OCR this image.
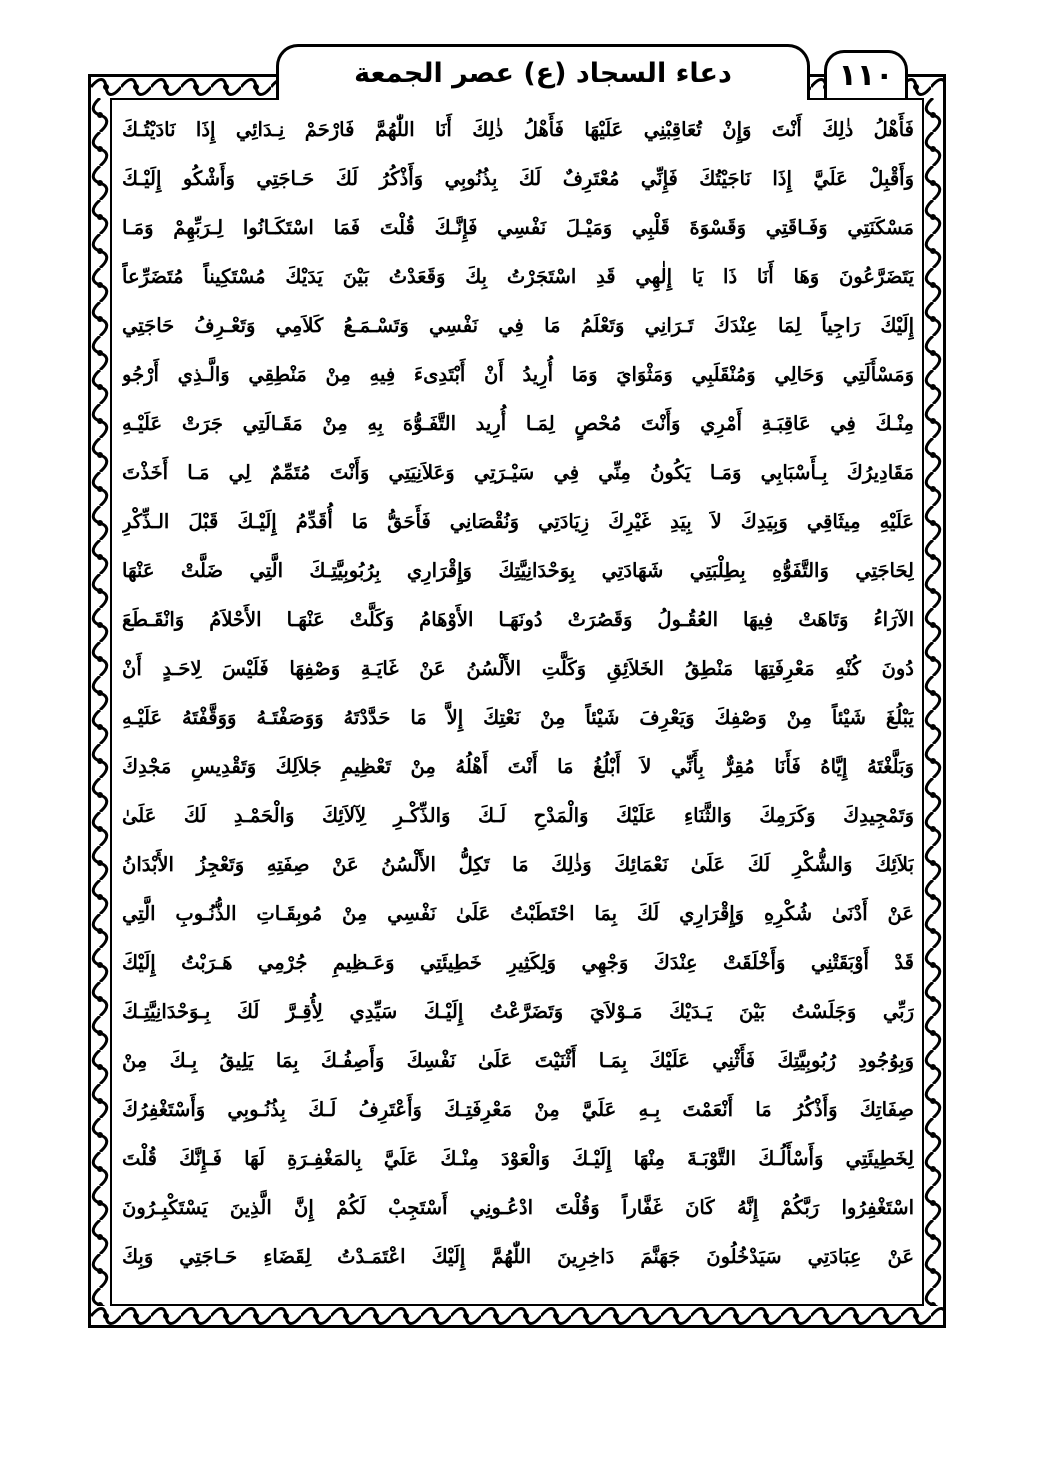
دعاء السجاد (ع) عصر الجمعة	١١٠
فَأَهْلُ ذٰلِكَ أَنْتَ وَإِنْ تُعَاقِبْنِي عَلَيْهَا فَأَهْلُ ذٰلِكَ أَنَا اللّٰهُمَّ فَارْحَمْ نِـدَائِي إِذَا نَادَيْتُـكَ
وَأَقْبِلْ عَلَيَّ إِذَا نَاجَيْتُكَ فَإِنِّي مُعْتَرِفٌ لَكَ بِذُنُوبِي وَأَذْكُرُ لَكَ حَـاجَتِي وَأَشْكُو إِلَيْـكَ
مَسْكَنَتِي وَفَـاقَتِي وَقَسْوَةَ قَلْبِي وَمَيْـلَ نَفْسِي فَإِنَّـكَ قُلْتَ فَمَا اسْتَكَـانُوا لِـرَبِّهِمْ وَمَـا
يَتَضَرَّعُونَ وَهَا أَنَا ذَا يَا إِلٰهِي قَدِ اسْتَجَرْتُ بِكَ وَقَعَدْتُ بَيْنَ يَدَيْكَ مُسْتَكِيناً مُتَضَرِّعاً
إِلَيْكَ رَاجِياً لِمَا عِنْدَكَ تَـرَانِي وَتَعْلَمُ مَا فِي نَفْسِي وَتَسْـمَـعُ كَلاَمِي وَتَعْـرِفُ حَاجَتِي
وَمَسْأَلَتِي وَحَالِي وَمُنْقَلَبِي وَمَثْوَايَ وَمَا أُرِيدُ أَنْ أَبْتَدِىءَ فِيهِ مِنْ مَنْطِقِي وَالَّـذِي أَرْجُو
مِنْـكَ فِي عَاقِبَـةِ أَمْرِي وَأَنْتَ مُحْصٍ لِمَـا أُرِيد التَّفَـوُّهَ بِهِ مِنْ مَقَـالَتِي جَرَتْ عَلَيْـهِ
مَقَادِيرُكَ بِـأَسْبَابِي وَمَـا يَكُونُ مِنِّي فِي سَيْـرَتِي وَعَلاَنِيَتِي وَأَنْتَ مُتَمِّمٌ لِي مَـا أَخَذْتَ
عَلَيْهِ مِيثَاقِي وَبِيَدِكَ لاَ بِيَدِ غَيْرِكَ زِيَادَتِي وَنُقْصَانِي فَأَحَقُّ مَا أُقَدِّمُ إِلَيْـكَ قَبْلَ الـذِّكْرِ
لِحَاجَتِي وَالتَّفَوُّهِ بِطِلْبَتِي شَهَادَتِي بِوَحْدَانِيَّتِكَ وَإِقْرَارِي بِرُبُوبِيَّتِـكَ الَّتِي ضَلَّتْ عَنْهَا
الآرَاءُ وَتَاهَتْ فِيهَا العُقُـولُ وَقَصُرَتْ دُونَهَـا الأَوْهَامُ وَكَلَّتْ عَنْهَـا الأَحْلاَمُ وَانْقَـطَعَ
دُونَ كُنْهِ مَعْرِفَتِهَا مَنْطِقُ الخَلاَئِقِ وَكَلَّتِ الأَلْسُنُ عَنْ غَايَـةِ وَصْفِهَا فَلَيْسَ لِاحَـدٍ أَنْ
يَبْلُغَ شَيْئاً مِنْ وَصْفِكَ وَيَعْرِفَ شَيْئاً مِنْ نَعْتِكَ إِلاَّ مَا حَدَّدْتَهُ وَوَصَفْتَـهُ وَوَقَّفْتَهُ عَلَيْـهِ
وَبَلَّغْتَهُ إِيَّاهُ فَأَنَا مُقِرٌّ بِأَنِّي لاَ أَبْلُغُ مَا أَنْتَ أَهْلُهُ مِنْ تَعْظِيمِ جَلاَلِكَ وَتَقْدِيسِ مَجْدِكَ
وَتَمْجِيدِكَ وَكَرَمِكَ وَالثَّنَاءِ عَلَيْكَ وَالْمَدْحِ لَـكَ وَالذِّكْـرِ لِآلاَئِكَ وَالْحَمْـدِ لَكَ عَلَىٰ
بَلاَئِكَ وَالشُّكْرِ لَكَ عَلَىٰ نَعْمَائِكَ وَذٰلِكَ مَا تَكِلُّ الأَلْسُنُ عَنْ صِفَتِهِ وَتَعْجِزُ الأَبْدَانُ
عَنْ أَدْنَىٰ شُكْرِهِ وَإِقْرَارِي لَكَ بِمَا احْتَطَبْتُ عَلَىٰ نَفْسِي مِنْ مُوبِقَـاتِ الذُّنُـوبِ الَّتِي
قَدْ أَوْبَقَتْنِي وَأَخْلَقَتْ عِنْدَكَ وَجْهِي وَلِكَثِيرِ خَطِيئَتِي وَعَـظِيمِ جُرْمِي هَـرَبْتُ إِلَيْكَ
رَبِّي وَجَلَسْتُ بَيْنَ يَـدَيْكَ مَـوْلاَيَ وَتَضَرَّعْتُ إِلَيْـكَ سَيِّدِي لِأُقِـرَّ لَكَ بِـوَحْدَانِيَّتِـكَ
وَبِوُجُودِ رُبُوبِيَّتِكَ فَأَثْنِي عَلَيْكَ بِمَـا أَثْنَيْتَ عَلَىٰ نَفْسِكَ وَأَصِفُـكَ بِمَا يَلِيقُ بِـكَ مِنْ
صِفَاتِكَ وَأَذْكُرُ مَا أَنْعَمْتَ بِـهِ عَلَيَّ مِنْ مَعْرِفَتِـكَ وَأَعْتَرِفُ لَـكَ بِذُنُـوبِي وَأَسْتَغْفِرُكَ
لِخَطِيئَتِي وَأَسْأَلُـكَ التَّوْبَـةَ مِنْهَا إِلَيْـكَ وَالْعَوْدَ مِنْـكَ عَلَيَّ بِالمَغْفِـرَةِ لَهَا فَـإِنَّكَ قُلْتَ
اسْتَغْفِرُوا رَبَّكُمْ إِنَّهُ كَانَ غَفَّاراً وَقُلْتَ ادْعُـونِي أَسْتَجِبْ لَكُمْ إِنَّ الَّذِينَ يَسْتَكْبِـرُونَ
عَنْ عِبَادَتِي سَيَدْخُلُونَ جَهَنَّمَ دَاخِرِينَ اللّٰهُمَّ إِلَيْكَ اعْتَمَـدْتُ لِقَضَاءِ حَـاجَتِي وَبِكَ
